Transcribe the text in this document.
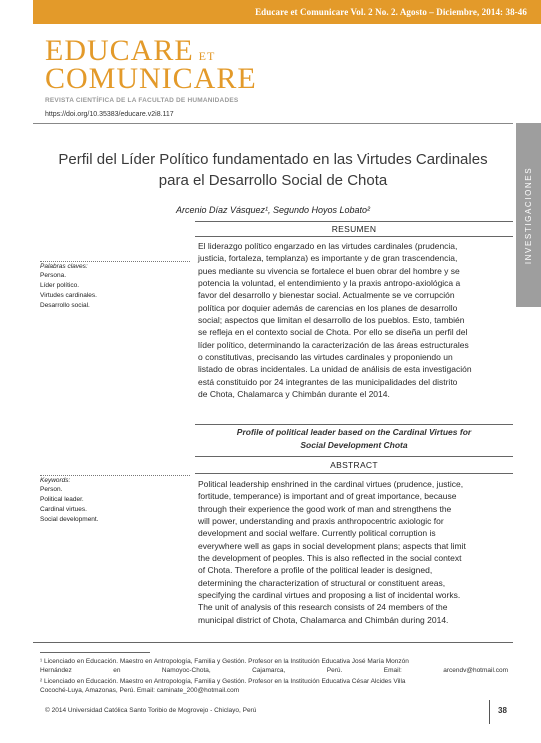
Educare et Comunicare Vol. 2 No. 2. Agosto – Diciembre, 2014: 38-46
EDUCARE ET
COMUNICARE
REVISTA CIENTÍFICA DE LA FACULTAD DE HUMANIDADES
https://doi.org/10.35383/educare.v2i8.117
INVESTIGACIONES
Perfil del Líder Político fundamentado en las Virtudes Cardinales
para el Desarrollo Social de Chota
Arcenio Díaz Vásquez¹, Segundo Hoyos Lobato²
RESUMEN
Palabras claves:
Persona.
Líder político.
Virtudes cardinales.
Desarrollo social.
El liderazgo político engarzado en las virtudes cardinales (prudencia,
justicia, fortaleza, templanza) es importante y de gran trascendencia,
pues mediante su vivencia se fortalece el buen obrar del hombre y se
potencia la voluntad, el entendimiento y la praxis antropo-axiológica a
favor del desarrollo y bienestar social. Actualmente se ve corrupción
política por doquier además de carencias en los planes de desarrollo
social; aspectos que limitan el desarrollo de los pueblos. Esto, también
se refleja en el contexto social de Chota. Por ello se diseña un perfil del
líder político, determinando la caracterización de las áreas estructurales
o constitutivas, precisando las virtudes cardinales y proponiendo un
listado de obras incidentales. La unidad de análisis de esta investigación
está constituido por 24 integrantes de las municipalidades del distrito
de Chota, Chalamarca y Chimbán durante el 2014.
Profile of political leader based on the Cardinal Virtues for
Social Development Chota
ABSTRACT
Keywords:
Person.
Political leader.
Cardinal virtues.
Social development.
Political leadership enshrined in the cardinal virtues (prudence, justice,
fortitude, temperance) is important and of great importance, because
through their experience the good work of man and strengthens the
will power, understanding and praxis anthropocentric axiologic for
development and social welfare. Currently political corruption is
everywhere well as gaps in social development plans; aspects that limit
the development of peoples. This is also reflected in the social context
of Chota. Therefore a profile of the political leader is designed,
determining the characterization of structural or constituent areas,
specifying the cardinal virtues and proposing a list of incidental works.
The unit of analysis of this research consists of 24 members of the
municipal district of Chota, Chalamarca and Chimbán during 2014.
¹ Licenciado en Educación. Maestro en Antropología, Familia y Gestión. Profesor en la Institución Educativa José María Monzón
Hernández en Namoyoc-Chota, Cajamarca, Perú. Email: arcendv@hotmail.com
² Licenciado en Educación. Maestro en Antropología, Familia y Gestión. Profesor en la Institución Educativa César Alcides Villa
Cocoché-Luya, Amazonas, Perú. Email: caminate_200@hotmail.com
© 2014 Universidad Católica Santo Toribio de Mogrovejo - Chiclayo, Perú	38
